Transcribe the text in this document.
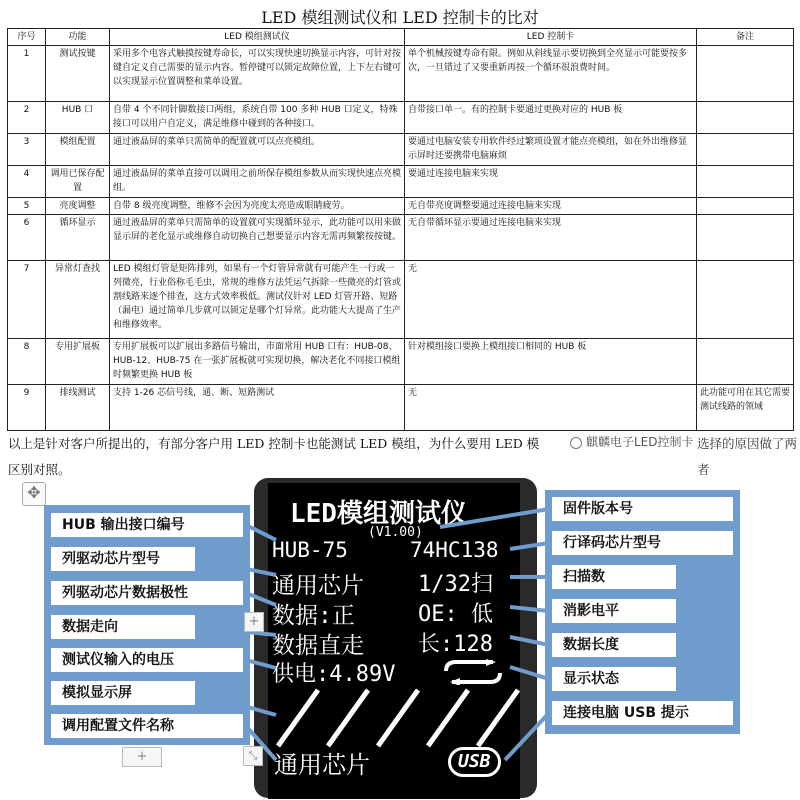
LED 模组测试仪和 LED 控制卡的比对
序号	功能	LED 模组测试仪	LED 控制卡	备注
1	测试按键	采用多个电容式触摸按键寿命长，可以实现快速切换显示内容，可针对按键自定义自己需要的显示内容。暂停键可以锁定故障位置，上下左右键可以实现显示位置调整和菜单设置。	单个机械按键寿命有限。例如从斜线显示要切换到全亮显示可能要按多次，一旦错过了又要重新再按一个循环很浪费时间。	
2	HUB 口	自带 4 个不同针脚数接口两组，系统自带 100 多种 HUB 口定义，特殊接口可以用户自定义，满足维修中碰到的各种接口。	自带接口单一。有的控制卡要通过更换对应的 HUB 板	
3	模组配置	通过液晶屏的菜单只需简单的配置就可以点亮模组。	要通过电脑安装专用软件经过繁琐设置才能点亮模组，如在外出维修显示屏时还要携带电脑麻烦	
4	调用已保存配置	通过液晶屏的菜单直接可以调用之前所保存模组参数从而实现快速点亮模组。	要通过连接电脑来实现	
5	亮度调整	自带 8 级亮度调整，维修不会因为亮度太亮造成眼睛疲劳。	无自带亮度调整要通过连接电脑来实现	
6	循环显示	通过液晶屏的菜单只需简单的设置就可实现循环显示，此功能可以用来做显示屏的老化显示或维修自动切换自己想要显示内容无需再频繁按按键。	无自带循环显示要通过连接电脑来实现	
7	异常灯查找	LED 模组灯管是矩阵排列，如果有一个灯管异常就有可能产生一行或一列微亮，行业俗称毛毛虫，常规的维修方法凭运气拆除一些微亮的灯管或割线路来逐个排查，这方式效率极低。测试仪针对 LED 灯管开路、短路（漏电）通过简单几步就可以锁定是哪个灯异常。此功能大大提高了生产和维修效率。	无	
8	专用扩展板	专用扩展板可以扩展出多路信号输出，市面常用 HUB 口有：HUB-08、HUB-12、HUB-75 在一张扩展板就可实现切换，解决老化不同接口模组时频繁更换 HUB 板	针对模组接口要换上模组接口相同的 HUB 板	
9	排线测试	支持 1-26 芯信号线，通、断、短路测试	无	此功能可用在其它需要测试线路的领域
以上是针对客户所提出的，有部分客户用 LED 控制卡也能测试 LED 模组，为什么要用 LED 模
区别对照。
选择的原因做了两者
麒麟电子LED控制卡
✥
LED模组测试仪
(V1.00)
HUB-75	74HC138
通用芯片 1/32扫
数据:正	OE: 低
数据直走 长:128
供电:4.89V
通用芯片	USB
HUB 输出接口编号
列驱动芯片型号
列驱动芯片数据极性
数据走向
测试仪输入的电压
模拟显示屏
调用配置文件名称
固件版本号
行译码芯片型号
扫描数
消影电平
数据长度
显示状态
连接电脑 USB 提示
+
+	⤡
